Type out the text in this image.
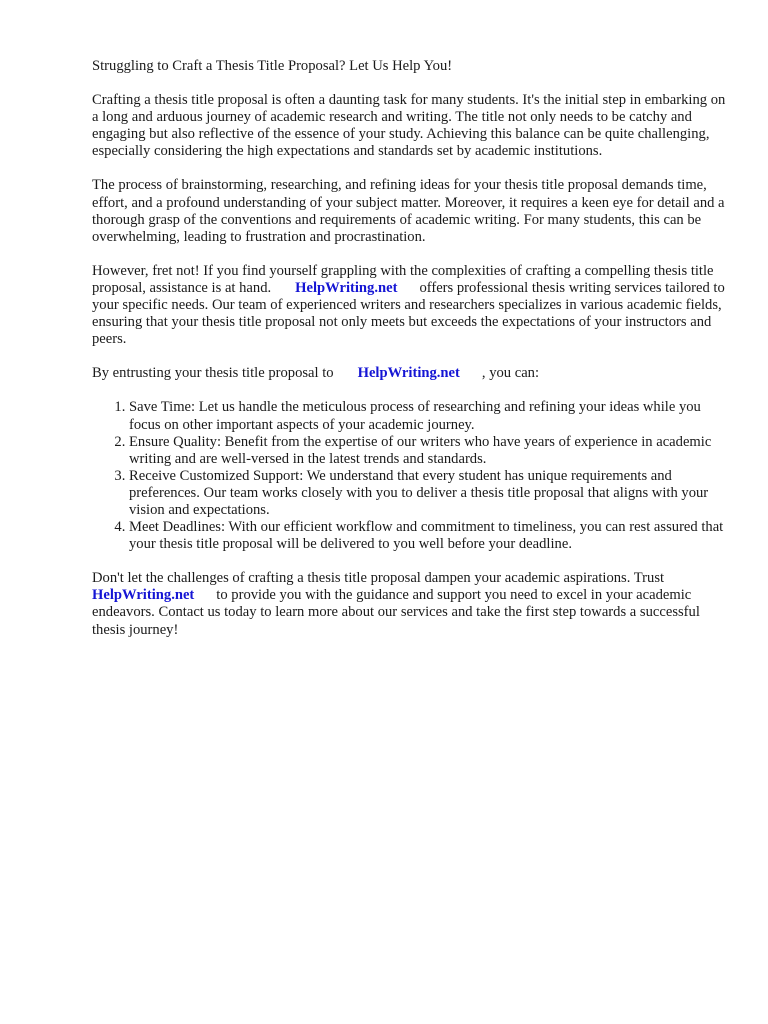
Struggling to Craft a Thesis Title Proposal? Let Us Help You!

Crafting a thesis title proposal is often a daunting task for many students. It's the initial step in embarking on a long and arduous journey of academic research and writing. The title not only needs to be catchy and engaging but also reflective of the essence of your study. Achieving this balance can be quite challenging, especially considering the high expectations and standards set by academic institutions.

The process of brainstorming, researching, and refining ideas for your thesis title proposal demands time, effort, and a profound understanding of your subject matter. Moreover, it requires a keen eye for detail and a thorough grasp of the conventions and requirements of academic writing. For many students, this can be overwhelming, leading to frustration and procrastination.

However, fret not! If you find yourself grappling with the complexities of crafting a compelling thesis title proposal, assistance is at hand. HelpWriting.net offers professional thesis writing services tailored to your specific needs. Our team of experienced writers and researchers specializes in various academic fields, ensuring that your thesis title proposal not only meets but exceeds the expectations of your instructors and peers.

By entrusting your thesis title proposal to HelpWriting.net , you can:

1. Save Time: Let us handle the meticulous process of researching and refining your ideas while you focus on other important aspects of your academic journey.
2. Ensure Quality: Benefit from the expertise of our writers who have years of experience in academic writing and are well-versed in the latest trends and standards.
3. Receive Customized Support: We understand that every student has unique requirements and preferences. Our team works closely with you to deliver a thesis title proposal that aligns with your vision and expectations.
4. Meet Deadlines: With our efficient workflow and commitment to timeliness, you can rest assured that your thesis title proposal will be delivered to you well before your deadline.

Don't let the challenges of crafting a thesis title proposal dampen your academic aspirations. Trust HelpWriting.net to provide you with the guidance and support you need to excel in your academic endeavors. Contact us today to learn more about our services and take the first step towards a successful thesis journey!
